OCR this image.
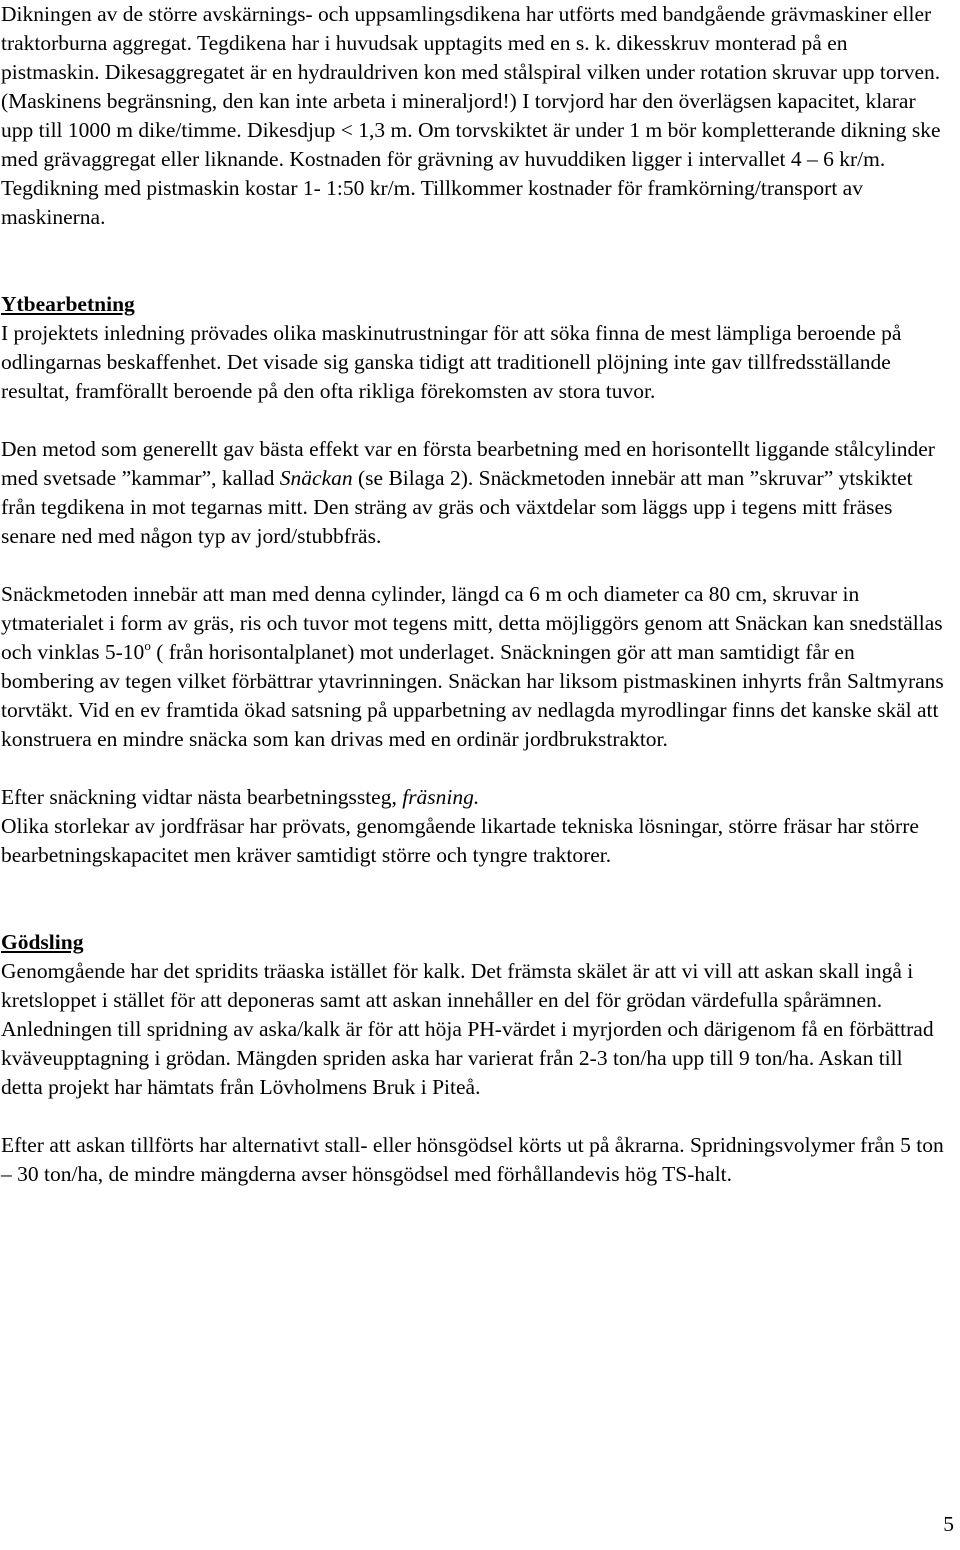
Dikningen av de större avskärnings- och uppsamlingsdikena har utförts med bandgående grävmaskiner eller traktorburna aggregat. Tegdikena har i huvudsak upptagits med en s. k. dikesskruv monterad på en pistmaskin. Dikesaggregatet är en hydrauldriven kon med stålspiral vilken under rotation skruvar upp torven. (Maskinens begränsning, den kan inte arbeta i mineraljord!) I torvjord har den överlägsen kapacitet, klarar upp till 1000 m dike/timme. Dikesdjup < 1,3 m. Om torvskiktet är under 1 m bör kompletterande dikning ske med grävaggregat eller liknande. Kostnaden för grävning av huvuddiken ligger i intervallet 4 – 6 kr/m. Tegdikning med pistmaskin kostar 1- 1:50 kr/m. Tillkommer kostnader för framkörning/transport av maskinerna.

Ytbearbetning

I projektets inledning prövades olika maskinutrustningar för att söka finna de mest lämpliga beroende på odlingarnas beskaffenhet. Det visade sig ganska tidigt att traditionell plöjning inte gav tillfredsställande resultat, framförallt beroende på den ofta rikliga förekomsten av stora tuvor.

Den metod som generellt gav bästa effekt var en första bearbetning med en horisontellt liggande stålcylinder med svetsade ”kammar”, kallad Snäckan (se Bilaga 2). Snäckmetoden innebär att man ”skruvar” ytskiktet från tegdikena in mot tegarnas mitt. Den sträng av gräs och växtdelar som läggs upp i tegens mitt fräses senare ned med någon typ av jord/stubbfräs.

Snäckmetoden innebär att man med denna cylinder, längd ca 6 m och diameter ca 80 cm, skruvar in ytmaterialet i form av gräs, ris och tuvor mot tegens mitt, detta möjliggörs genom att Snäckan kan snedställas och vinklas 5-10$^o$ ( från horisontalplanet) mot underlaget. Snäckningen gör att man samtidigt får en bombering av tegen vilket förbättrar ytavrinningen. Snäckan har liksom pistmaskinen inhyrts från Saltmyrans torvtäkt. Vid en ev framtida ökad satsning på upparbetning av nedlagda myrodlingar finns det kanske skäl att konstruera en mindre snäcka som kan drivas med en ordinär jordbrukstraktor.

Efter snäckning vidtar nästa bearbetningssteg, fräsning.

Olika storlekar av jordfräsar har prövats, genomgående likartade tekniska lösningar, större fräsar har större bearbetningskapacitet men kräver samtidigt större och tyngre traktorer.

Gödsling

Genomgående har det spridits träaska istället för kalk. Det främsta skälet är att vi vill att askan skall ingå i kretsloppet i stället för att deponeras samt att askan innehåller en del för grödan värdefulla spårämnen. Anledningen till spridning av aska/kalk är för att höja PH-värdet i myrjorden och därigenom få en förbättrad kväveupptagning i grödan. Mängden spriden aska har varierat från 2-3 ton/ha upp till 9 ton/ha. Askan till detta projekt har hämtats från Lövholmens Bruk i Piteå.

Efter att askan tillförts har alternativt stall- eller hönsgödsel körts ut på åkrarna. Spridningsvolymer från 5 ton – 30 ton/ha, de mindre mängderna avser hönsgödsel med förhållandevis hög TS-halt.

5
